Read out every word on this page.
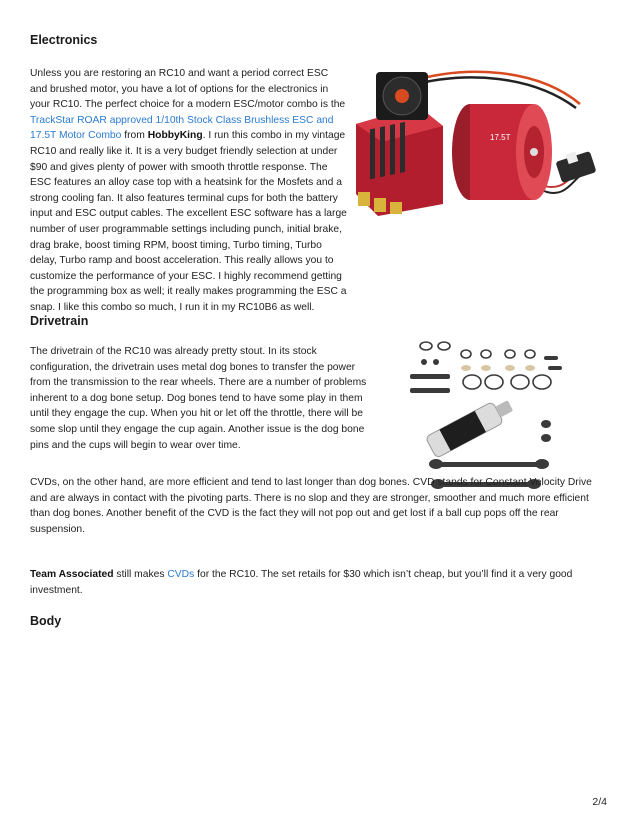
Electronics
17.5T

Unless you are restoring an RC10 and want a period correct ESC and brushed motor, you have a lot of options for the electronics in your RC10. The perfect choice for a modern ESC/motor combo is the TrackStar ROAR approved 1/10th Stock Class Brushless ESC and 17.5T Motor Combo from HobbyKing. I run this combo in my vintage RC10 and really like it. It is a very budget friendly selection at under $90 and gives plenty of power with smooth throttle response. The ESC features an alloy case top with a heatsink for the Mosfets and a strong cooling fan. It also features terminal cups for both the battery input and ESC output cables. The excellent ESC software has a large number of user programmable settings including punch, initial brake, drag brake, boost timing RPM, boost timing, Turbo timing, Turbo delay, Turbo ramp and boost acceleration. This really allows you to customize the performance of your ESC. I highly recommend getting the programming box as well; it really makes programming the ESC a snap. I like this combo so much, I run it in my RC10B6 as well.

Drivetrain

The drivetrain of the RC10 was already pretty stout. In its stock configuration, the drivetrain uses metal dog bones to transfer the power from the transmission to the rear wheels. There are a number of problems inherent to a dog bone setup. Dog bones tend to have some play in them until they engage the cup. When you hit or let off the throttle, there will be some slop until they engage the cup again. Another issue is the dog bone pins and the cups will begin to wear over time.

CVDs, on the other hand, are more efficient and tend to last longer than dog bones. CVD stands for Constant Velocity Drive and are always in contact with the pivoting parts. There is no slop and they are stronger, smoother and much more efficient than dog bones. Another benefit of the CVD is the fact they will not pop out and get lost if a ball cup pops off the rear suspension.

Team Associated still makes CVDs for the RC10. The set retails for $30 which isn’t cheap, but you’ll find it a very good investment.

Body
2/4
